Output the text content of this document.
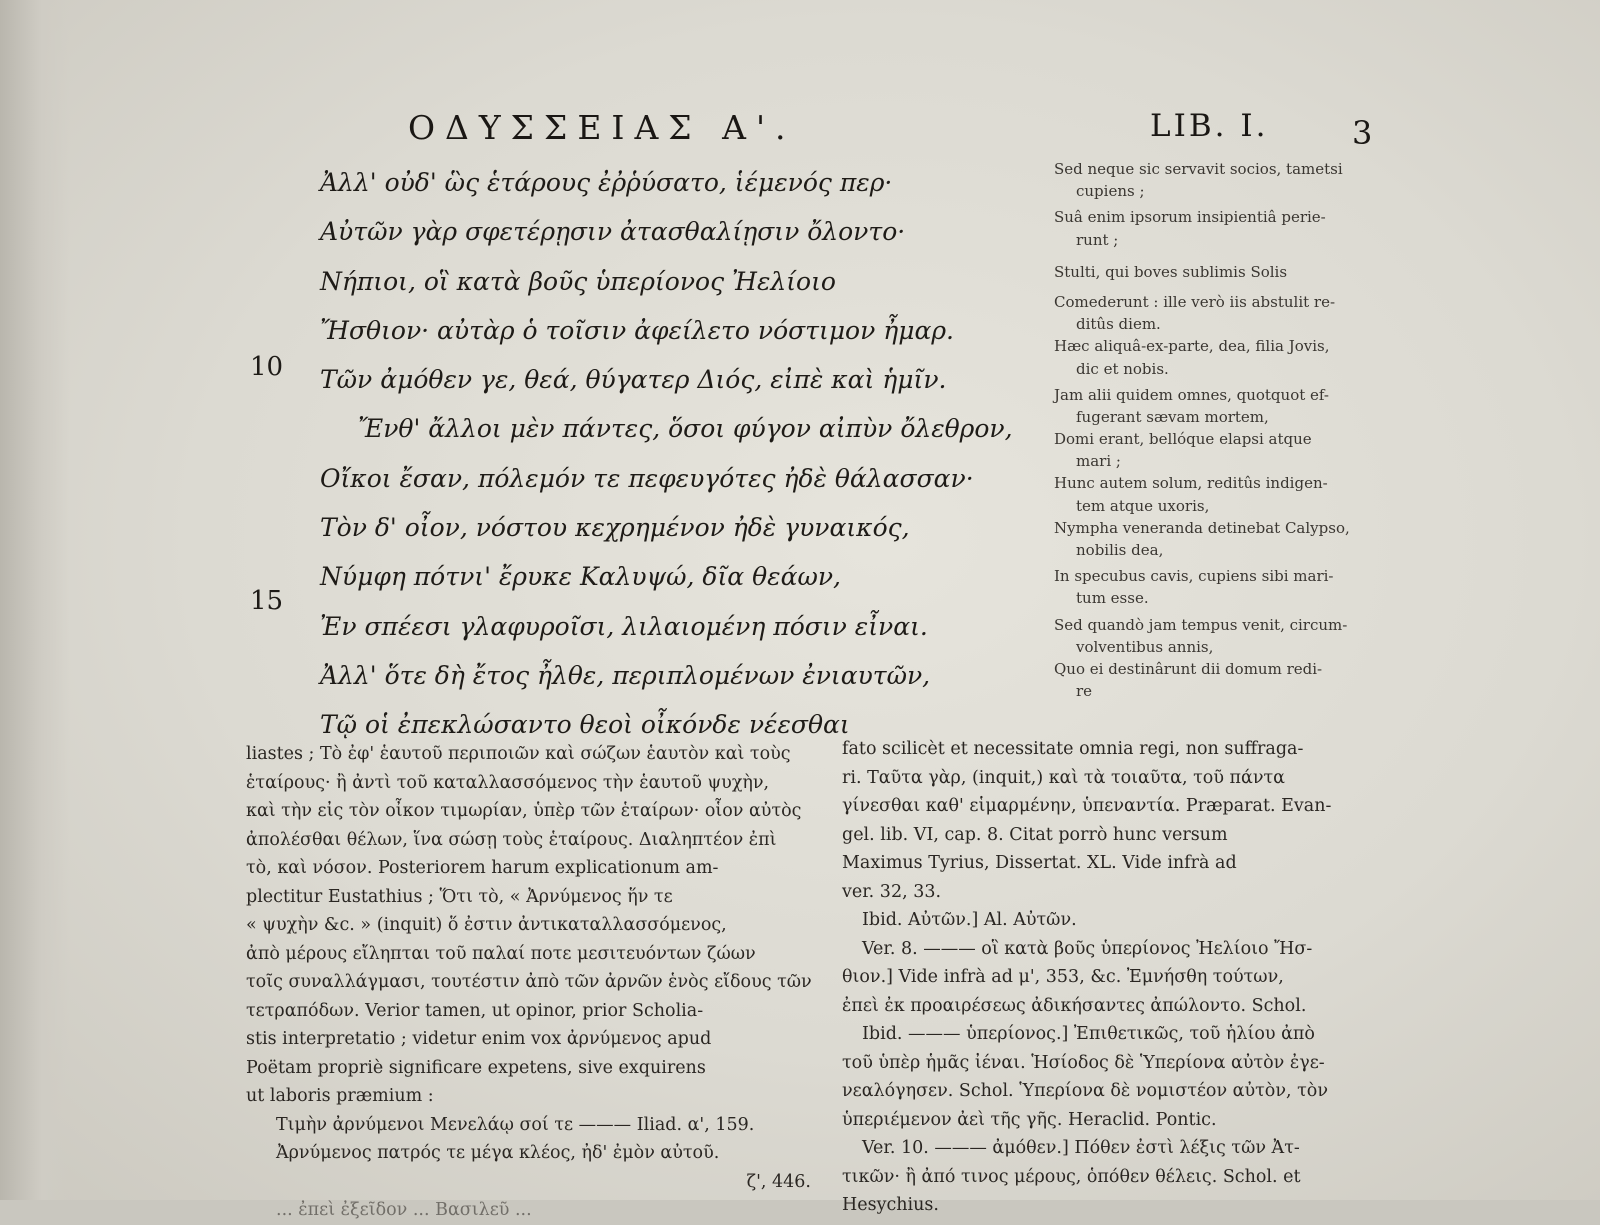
ΟΔΥΣΣΕΙΑΣ Α'.	LIB. I.	3
Ἀλλ' οὐδ' ὣς ἑτάρους ἐῤῥύσατο, ἱέμενός περ·
Αὐτῶν γὰρ σφετέρῃσιν ἀτασθαλίῃσιν ὄλοντο·
Νήπιοι, οἳ κατὰ βοῦς ὑπερίονος Ἠελίοιο
Ἤσθιον· αὐτὰρ ὁ τοῖσιν ἀφείλετο νόστιμον ἦμαρ.
Τῶν ἀμόθεν γε, θεά, θύγατερ Διός, εἰπὲ καὶ ἡμῖν.
Ἔνθ' ἄλλοι μὲν πάντες, ὅσοι φύγον αἰπὺν ὄλεθρον,
Οἴκοι ἔσαν, πόλεμόν τε πεφευγότες ἠδὲ θάλασσαν·
Τὸν δ' οἶον, νόστου κεχρημένον ἠδὲ γυναικός,
Νύμφη πότνι' ἔρυκε Καλυψώ, δῖα θεάων,
Ἐν σπέεσι γλαφυροῖσι, λιλαιομένη πόσιν εἶναι.
Ἀλλ' ὅτε δὴ ἔτος ἦλθε, περιπλομένων ἐνιαυτῶν,
Τῷ οἱ ἐπεκλώσαντο θεοὶ οἶκόνδε νέεσθαι
10
15
Sed neque sic servavit socios, tametsi
cupiens ;
Suâ enim ipsorum insipientiâ perie-
runt ;
Stulti, qui boves sublimis Solis
Comederunt : ille verò iis abstulit re-
ditûs diem.
Hæc aliquâ-ex-parte, dea, filia Jovis,
dic et nobis.
Jam alii quidem omnes, quotquot ef-
fugerant sævam mortem,
Domi erant, bellóque elapsi atque
mari ;
Hunc autem solum, reditûs indigen-
tem atque uxoris,
Nympha veneranda detinebat Calypso,
nobilis dea,
In specubus cavis, cupiens sibi mari-
tum esse.
Sed quandò jam tempus venit, circum-
volventibus annis,
Quo ei destinârunt dii domum redi-
re
liastes ; Τὸ ἐφ' ἑαυτοῦ περιποιῶν καὶ σώζων ἑαυτὸν καὶ τοὺς
ἑταίρους· ἢ ἀντὶ τοῦ καταλλασσόμενος τὴν ἑαυτοῦ ψυχὴν,
καὶ τὴν εἰς τὸν οἶκον τιμωρίαν, ὑπὲρ τῶν ἑταίρων· οἷον αὐτὸς
ἀπολέσθαι θέλων, ἵνα σώσῃ τοὺς ἑταίρους. Διαληπτέον ἐπὶ
τὸ, καὶ νόσον. Posteriorem harum explicationum am-
plectitur Eustathius ; Ὅτι τὸ, « Ἀρνύμενος ἥν τε
« ψυχὴν &c. » (inquit) ὅ ἐστιν ἀντικαταλλασσόμενος,
ἀπὸ μέρους εἴληπται τοῦ παλαί ποτε μεσιτευόντων ζώων
τοῖς συναλλάγμασι, τουτέστιν ἀπὸ τῶν ἀρνῶν ἑνὸς εἴδους τῶν
τετραπόδων. Verior tamen, ut opinor, prior Scholia-
stis interpretatio ; videtur enim vox ἀρνύμενος apud
Poëtam propriè significare expetens, sive exquirens
ut laboris præmium :
Τιμὴν ἀρνύμενοι Μενελάῳ σοί τε ——— Iliad. α', 159.
Ἀρνύμενος πατρός τε μέγα κλέος, ἠδ' ἐμὸν αὐτοῦ.
ζ', 446.
... ἐπεὶ ἐξεῖδον ... Βασιλεῦ ...
fato scilicèt et necessitate omnia regi, non suffraga-
ri. Ταῦτα γὰρ, (inquit,) καὶ τὰ τοιαῦτα, τοῦ πάντα
γίνεσθαι καθ' εἱμαρμένην, ὑπεναντία. Præparat. Evan-
gel. lib. VI, cap. 8. Citat porrò hunc versum
Maximus Tyrius, Dissertat. XL. Vide infrà ad
ver. 32, 33.
Ibid. Αὐτῶν.] Al. Αὐτῶν.
Ver. 8. ——— οἳ κατὰ βοῦς ὑπερίονος Ἠελίοιο Ἤσ-
θιον.] Vide infrà ad μ', 353, &c. Ἐμνήσθη τούτων,
ἐπεὶ ἐκ προαιρέσεως ἀδικήσαντες ἀπώλοντο. Schol.
Ibid. ——— ὑπερίονος.] Ἐπιθετικῶς, τοῦ ἡλίου ἀπὸ
τοῦ ὑπὲρ ἡμᾶς ἰέναι. Ἡσίοδος δὲ Ὑπερίονα αὐτὸν ἐγε-
νεαλόγησεν. Schol. Ὑπερίονα δὲ νομιστέον αὐτὸν, τὸν
ὑπεριέμενον ἀεὶ τῆς γῆς. Heraclid. Pontic.
Ver. 10. ——— ἀμόθεν.] Πόθεν ἐστὶ λέξις τῶν Ἀτ-
τικῶν· ἢ ἀπό τινος μέρους, ὁπόθεν θέλεις. Schol. et
Hesychius.
